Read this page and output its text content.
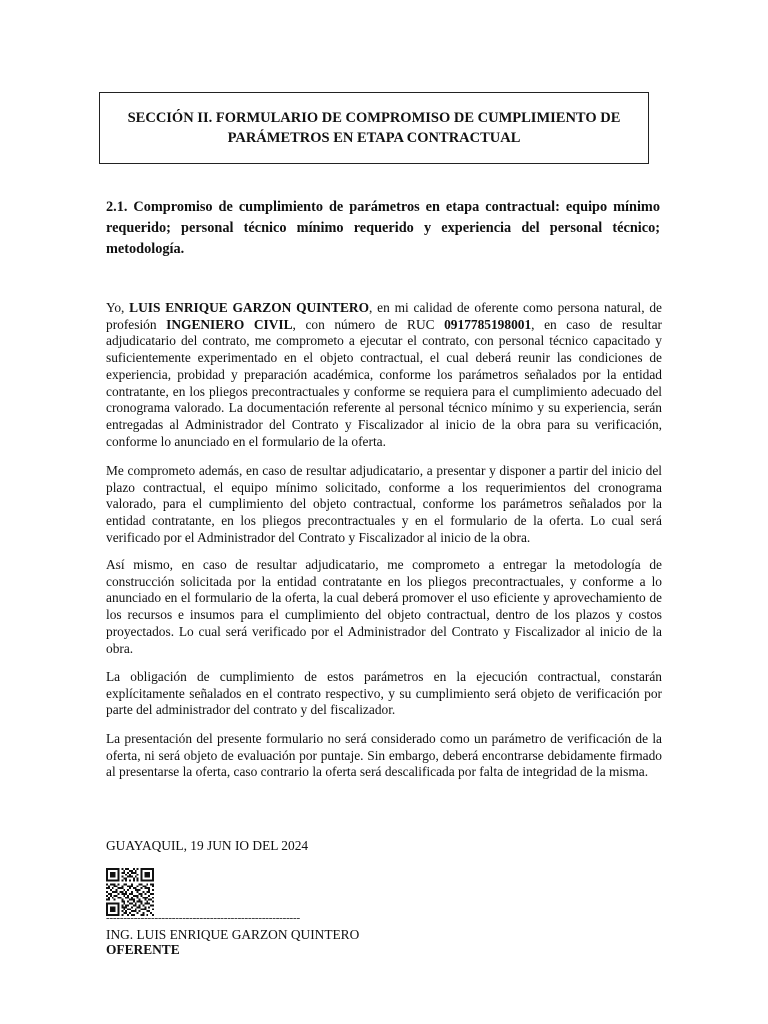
SECCIÓN II. FORMULARIO DE COMPROMISO DE CUMPLIMIENTO DE
PARÁMETROS EN ETAPA CONTRACTUAL
2.1. Compromiso de cumplimiento de parámetros en etapa contractual: equipo mínimo requerido; personal técnico mínimo requerido y experiencia del personal técnico; metodología.

Yo, LUIS ENRIQUE GARZON QUINTERO, en mi calidad de oferente como persona natural, de profesión INGENIERO CIVIL, con número de RUC 0917785198001, en caso de resultar adjudicatario del contrato, me comprometo a ejecutar el contrato, con personal técnico capacitado y suficientemente experimentado en el objeto contractual, el cual deberá reunir las condiciones de experiencia, probidad y preparación académica, conforme los parámetros señalados por la entidad contratante, en los pliegos precontractuales y conforme se requiera para el cumplimiento adecuado del cronograma valorado. La documentación referente al personal técnico mínimo y su experiencia, serán entregadas al Administrador del Contrato y Fiscalizador al inicio de la obra para su verificación, conforme lo anunciado en el formulario de la oferta.

Me comprometo además, en caso de resultar adjudicatario, a presentar y disponer a partir del inicio del plazo contractual, el equipo mínimo solicitado, conforme a los requerimientos del cronograma valorado, para el cumplimiento del objeto contractual, conforme los parámetros señalados por la entidad contratante, en los pliegos precontractuales y en el formulario de la oferta. Lo cual será verificado por el Administrador del Contrato y Fiscalizador al inicio de la obra.

Así mismo, en caso de resultar adjudicatario, me comprometo a entregar la metodología de construcción solicitada por la entidad contratante en los pliegos precontractuales, y conforme a lo anunciado en el formulario de la oferta, la cual deberá promover el uso eficiente y aprovechamiento de los recursos e insumos para el cumplimiento del objeto contractual, dentro de los plazos y costos proyectados. Lo cual será verificado por el Administrador del Contrato y Fiscalizador al inicio de la obra.

La obligación de cumplimiento de estos parámetros en la ejecución contractual, constarán explícitamente señalados en el contrato respectivo, y su cumplimiento será objeto de verificación por parte del administrador del contrato y del fiscalizador.

La presentación del presente formulario no será considerado como un parámetro de verificación de la oferta, ni será objeto de evaluación por puntaje. Sin embargo, deberá encontrarse debidamente firmado al presentarse la oferta, caso contrario la oferta será descalificada por falta de integridad de la misma.

GUAYAQUIL, 19 JUN IO DEL 2024
--------------------------------------------------------
ING. LUIS ENRIQUE GARZON QUINTERO
OFERENTE
